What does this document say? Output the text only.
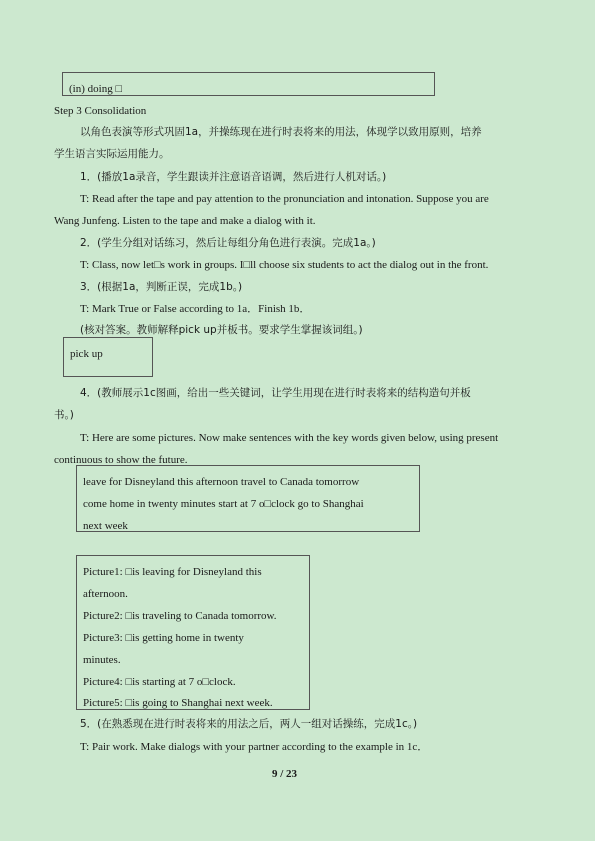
(in) doing □
Step 3 Consolidation
以角色表演等形式巩固1a，并操练现在进行时表将来的用法，体现学以致用原则，培养
学生语言实际运用能力。
1．(播放1a录音，学生跟读并注意语音语调，然后进行人机对话。)
T: Read after the tape and pay attention to the pronunciation and intonation. Suppose you are
Wang Junfeng. Listen to the tape and make a dialog with it.
2．(学生分组对话练习，然后让每组分角色进行表演。完成1a。)
T: Class, now let□s work in groups. I□ll choose six students to act the dialog out in the front.
3．(根据1a，判断正误，完成1b。)
T: Mark True or False according to 1a．Finish 1b．
(核对答案。教师解释pick up并板书。要求学生掌握该词组。)
pick up
4．(教师展示1c图画，给出一些关键词，让学生用现在进行时表将来的结构造句并板
书。)
T: Here are some pictures. Now make sentences with the key words given below, using present
continuous to show the future.
leave for Disneyland this afternoon travel to Canada tomorrow
come home in twenty minutes start at 7 o□clock go to Shanghai
next week
Picture1: □is leaving for Disneyland this
afternoon.
Picture2: □is traveling to Canada tomorrow.
Picture3: □is getting home in twenty
minutes.
Picture4: □is starting at 7 o□clock.
Picture5: □is going to Shanghai next week.
5．(在熟悉现在进行时表将来的用法之后，两人一组对话操练，完成1c。)
T: Pair work. Make dialogs with your partner according to the example in 1c．
9 / 23
